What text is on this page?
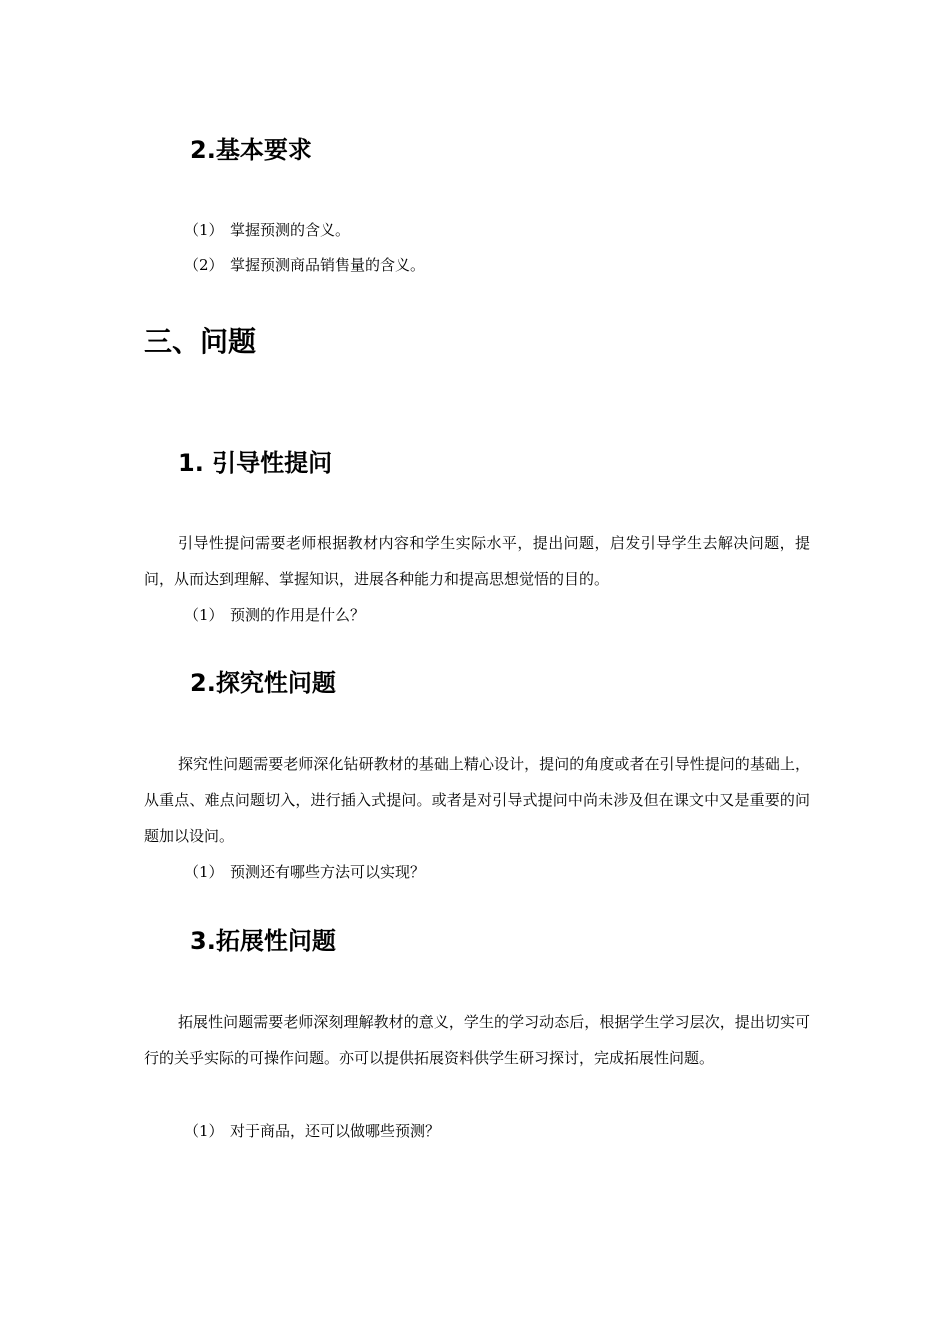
2.基本要求
（1） 掌握预测的含义。
（2） 掌握预测商品销售量的含义。
三、问题
1. 引导性提问

引导性提问需要老师根据教材内容和学生实际水平，提出问题，启发引导学生去解决问题，提问，从而达到理解、掌握知识，进展各种能力和提高思想觉悟的目的。

（1） 预测的作用是什么？
2.探究性问题

探究性问题需要老师深化钻研教材的基础上精心设计，提问的角度或者在引导性提问的基础上，从重点、难点问题切入，进行插入式提问。或者是对引导式提问中尚未涉及但在课文中又是重要的问题加以设问。

（1） 预测还有哪些方法可以实现？
3.拓展性问题

拓展性问题需要老师深刻理解教材的意义，学生的学习动态后，根据学生学习层次，提出切实可行的关乎实际的可操作问题。亦可以提供拓展资料供学生研习探讨，完成拓展性问题。

（1） 对于商品，还可以做哪些预测？
